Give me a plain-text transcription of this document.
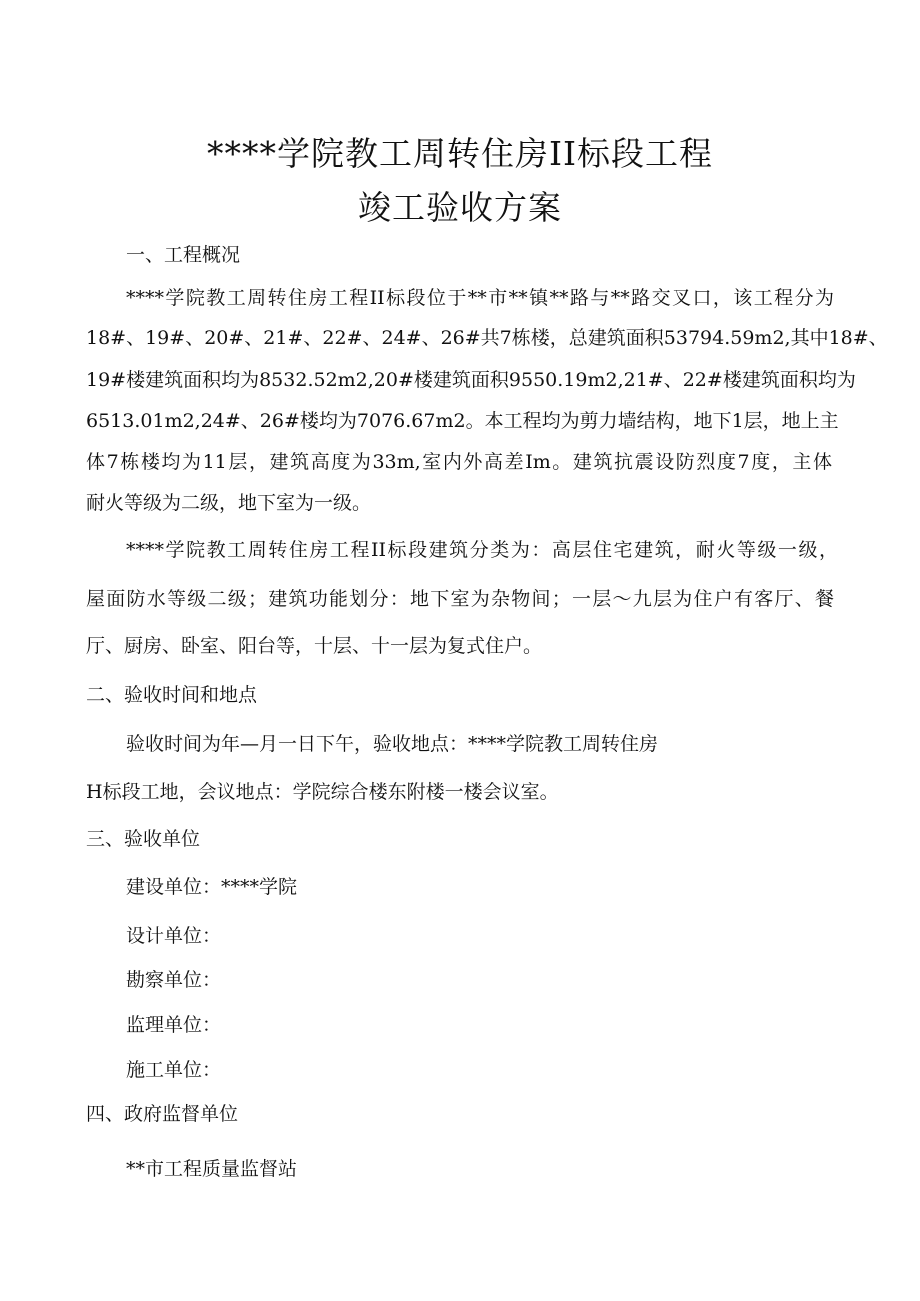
****学院教工周转住房II标段工程
竣工验收方案
一、工程概况
****学院教工周转住房工程II标段位于**市**镇**路与**路交叉口，该工程分为
18#、19#、20#、21#、22#、24#、26#共7栋楼，总建筑面积53794.59m2,其中18#、
19#楼建筑面积均为8532.52m2,20#楼建筑面积9550.19m2,21#、22#楼建筑面积均为
6513.01m2,24#、26#楼均为7076.67m2。本工程均为剪力墙结构，地下1层，地上主
体7栋楼均为11层，建筑高度为33m,室内外高差Im。建筑抗震设防烈度7度，主体
耐火等级为二级，地下室为一级。
****学院教工周转住房工程II标段建筑分类为：高层住宅建筑，耐火等级一级，
屋面防水等级二级；建筑功能划分：地下室为杂物间；一层～九层为住户有客厅、餐
厅、厨房、卧室、阳台等，十层、十一层为复式住户。
二、验收时间和地点
验收时间为年—月一日下午，验收地点：****学院教工周转住房
H标段工地，会议地点：学院综合楼东附楼一楼会议室。
三、验收单位
建设单位：****学院
设计单位：
勘察单位：
监理单位：
施工单位：
四、政府监督单位
**市工程质量监督站
